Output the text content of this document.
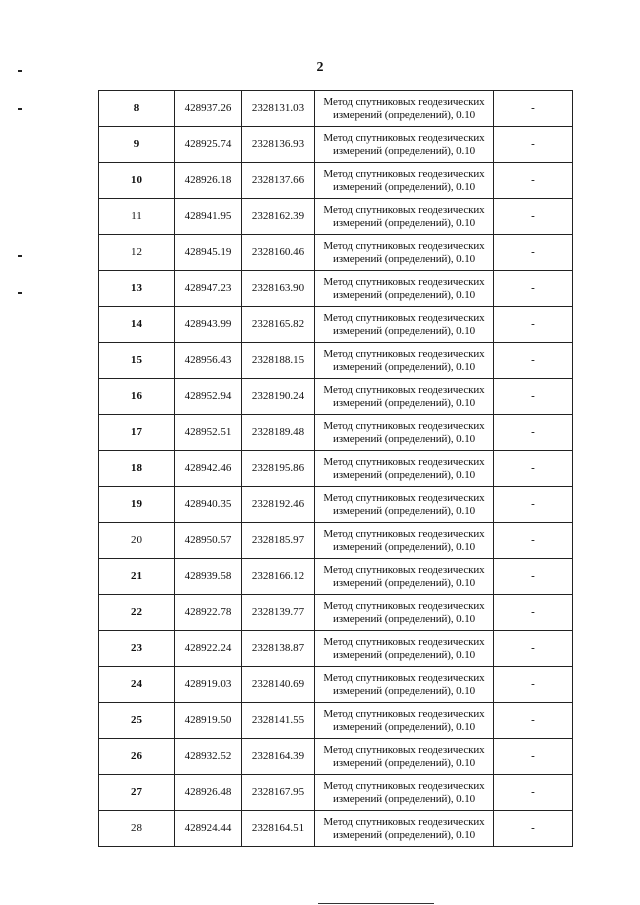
2
8	428937.26	2328131.03	Метод спутниковых геодезических измерений (определений), 0.10	-
9	428925.74	2328136.93	Метод спутниковых геодезических измерений (определений), 0.10	-
10	428926.18	2328137.66	Метод спутниковых геодезических измерений (определений), 0.10	-
11	428941.95	2328162.39	Метод спутниковых геодезических измерений (определений), 0.10	-
12	428945.19	2328160.46	Метод спутниковых геодезических измерений (определений), 0.10	-
13	428947.23	2328163.90	Метод спутниковых геодезических измерений (определений), 0.10	-
14	428943.99	2328165.82	Метод спутниковых геодезических измерений (определений), 0.10	-
15	428956.43	2328188.15	Метод спутниковых геодезических измерений (определений), 0.10	-
16	428952.94	2328190.24	Метод спутниковых геодезических измерений (определений), 0.10	-
17	428952.51	2328189.48	Метод спутниковых геодезических измерений (определений), 0.10	-
18	428942.46	2328195.86	Метод спутниковых геодезических измерений (определений), 0.10	-
19	428940.35	2328192.46	Метод спутниковых геодезических измерений (определений), 0.10	-
20	428950.57	2328185.97	Метод спутниковых геодезических измерений (определений), 0.10	-
21	428939.58	2328166.12	Метод спутниковых геодезических измерений (определений), 0.10	-
22	428922.78	2328139.77	Метод спутниковых геодезических измерений (определений), 0.10	-
23	428922.24	2328138.87	Метод спутниковых геодезических измерений (определений), 0.10	-
24	428919.03	2328140.69	Метод спутниковых геодезических измерений (определений), 0.10	-
25	428919.50	2328141.55	Метод спутниковых геодезических измерений (определений), 0.10	-
26	428932.52	2328164.39	Метод спутниковых геодезических измерений (определений), 0.10	-
27	428926.48	2328167.95	Метод спутниковых геодезических измерений (определений), 0.10	-
28	428924.44	2328164.51	Метод спутниковых геодезических измерений (определений), 0.10	-
